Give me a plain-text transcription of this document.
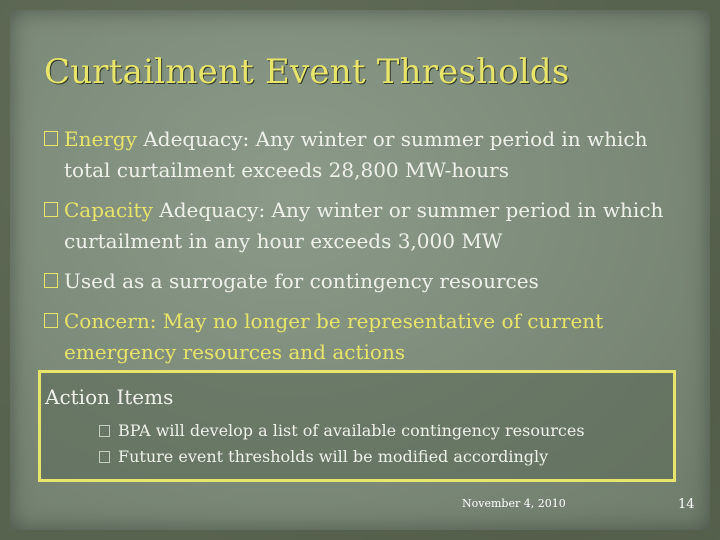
Curtailment Event Thresholds
Energy Adequacy: Any winter or summer period in which total curtailment exceeds 28,800 MW-hours
Capacity Adequacy: Any winter or summer period in which curtailment in any hour exceeds 3,000 MW
Used as a surrogate for contingency resources
Concern: May no longer be representative of current emergency resources and actions
Action Items
BPA will develop a list of available contingency resources
Future event thresholds will be modified accordingly
November 4, 2010	14
